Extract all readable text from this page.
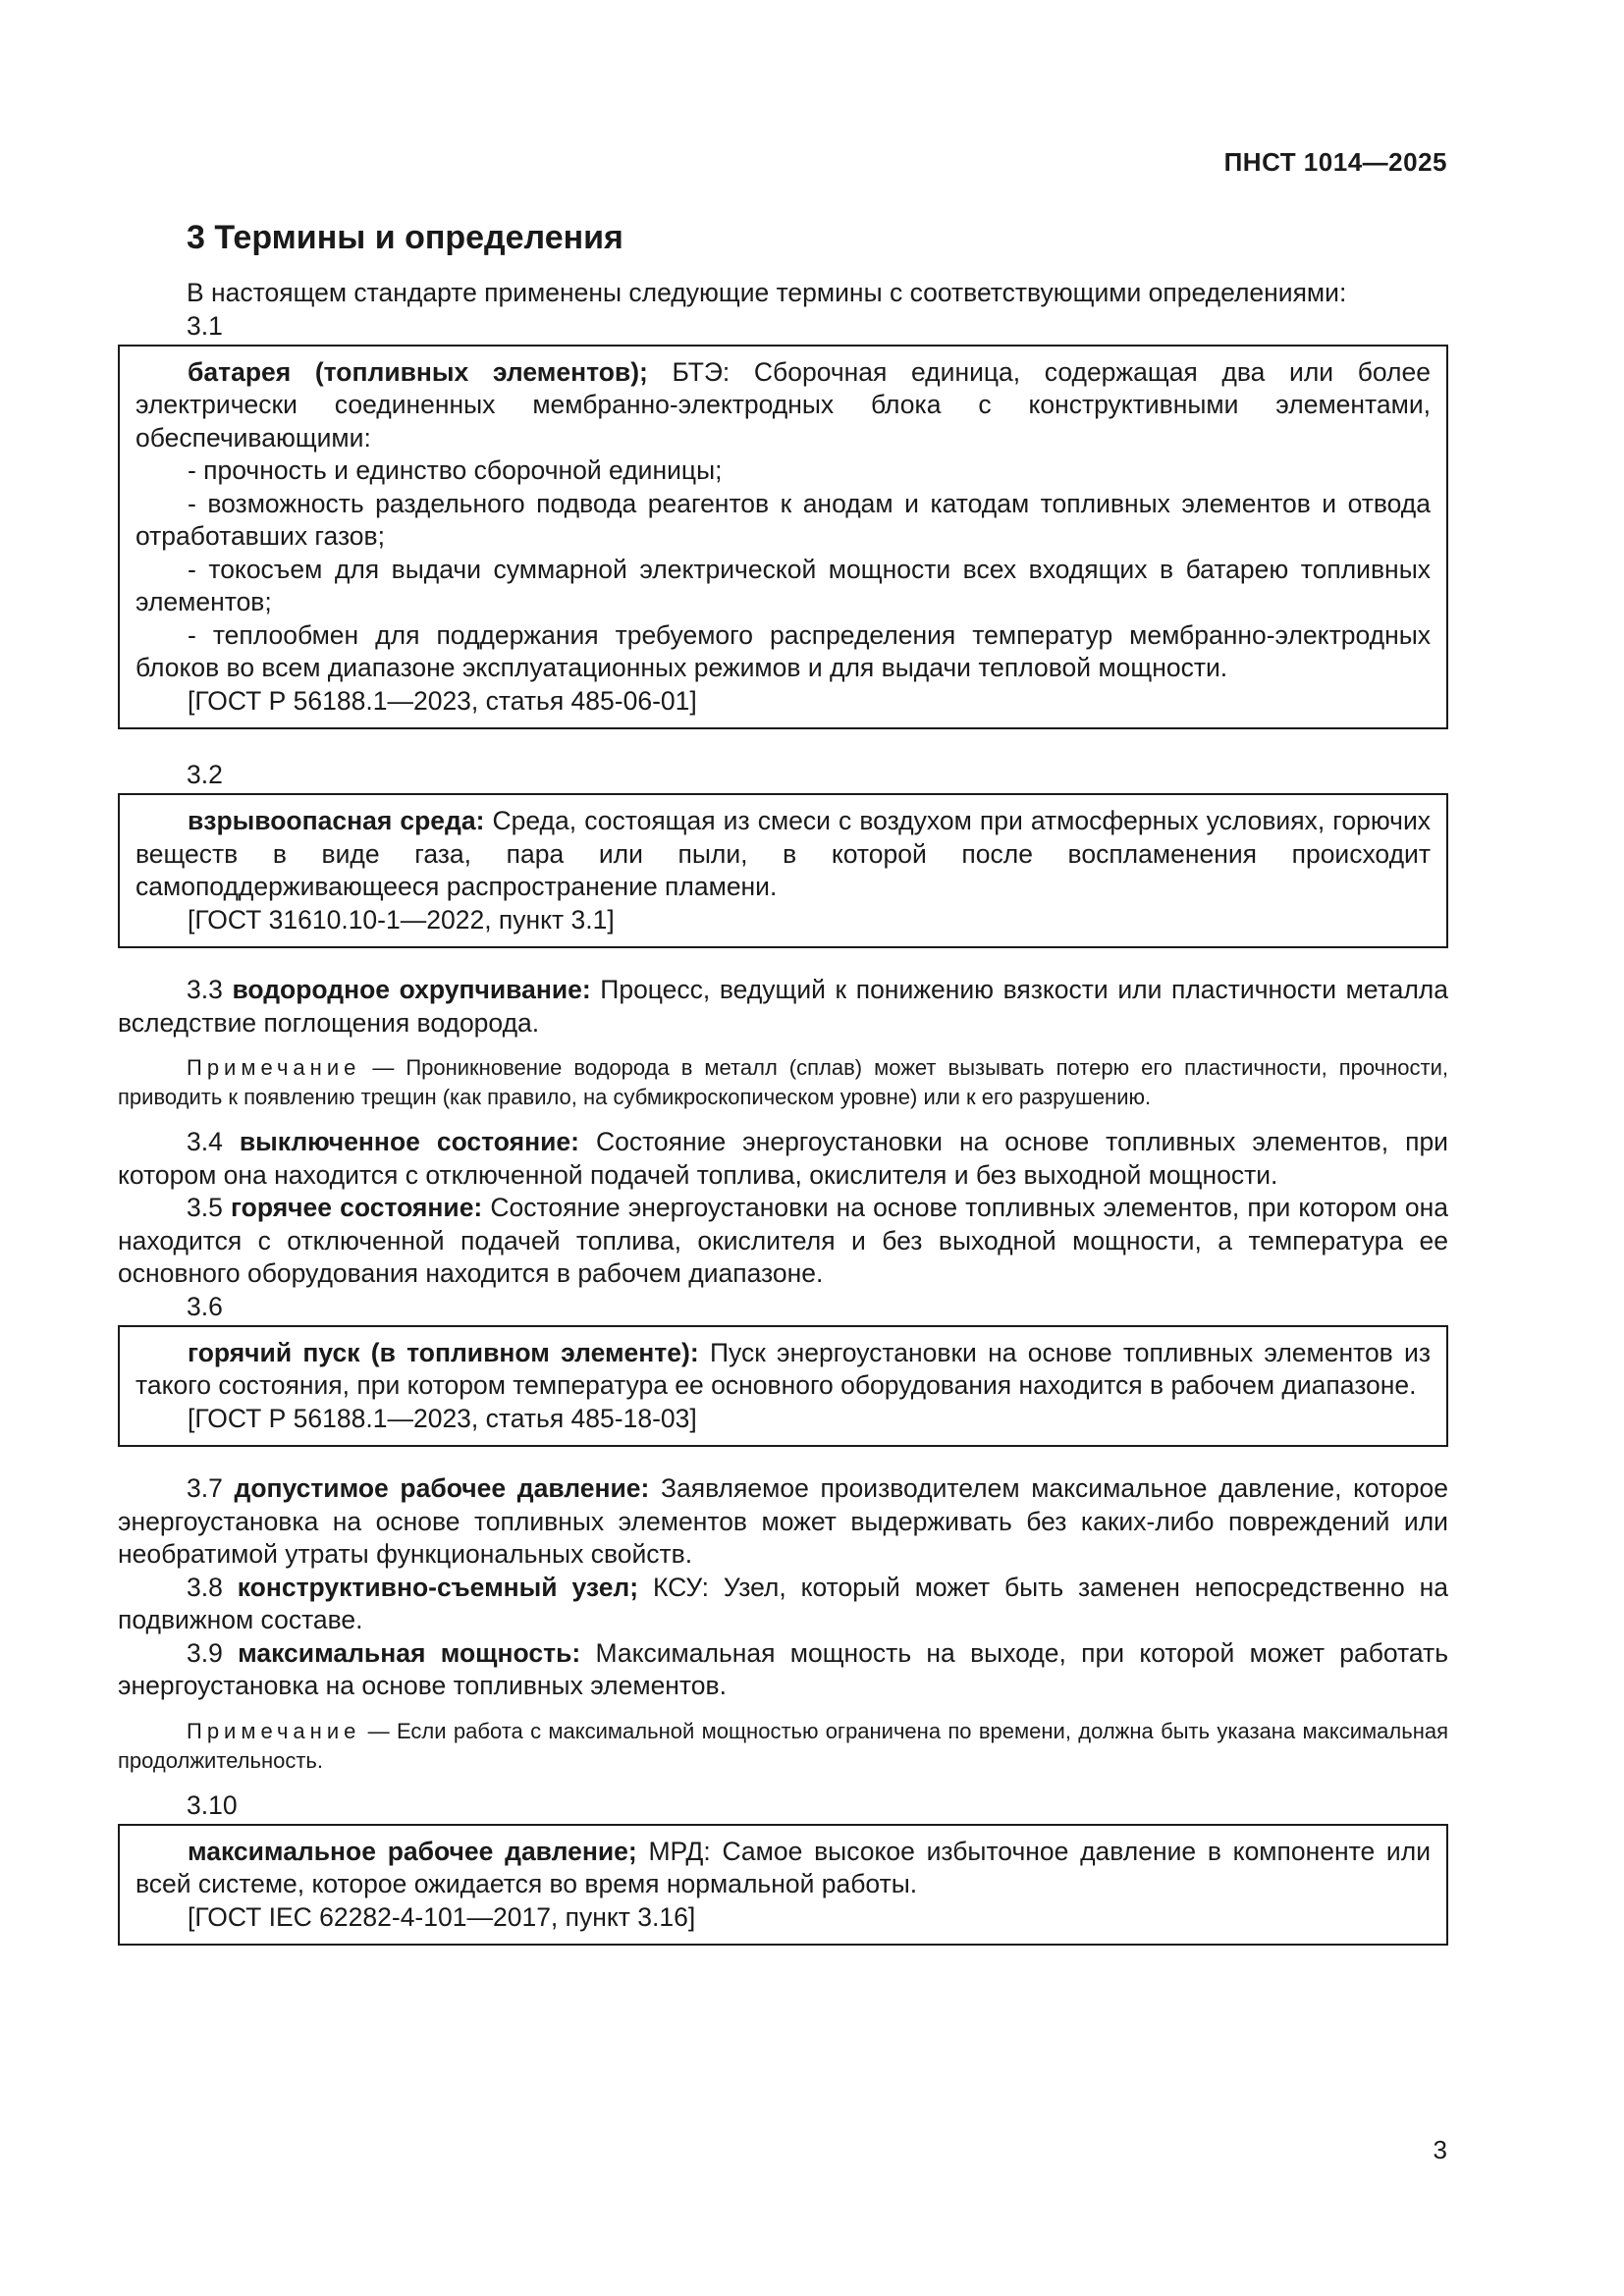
ПНСТ 1014—2025
3 Термины и определения

В настоящем стандарте применены следующие термины с соответствующими определениями:

3.1

батарея (топливных элементов); БТЭ: Сборочная единица, содержащая два или более электрически соединенных мембранно-электродных блока с конструктивными элементами, обеспечивающими:

- прочность и единство сборочной единицы;

- возможность раздельного подвода реагентов к анодам и катодам топливных элементов и отвода отработавших газов;

- токосъем для выдачи суммарной электрической мощности всех входящих в батарею топливных элементов;

- теплообмен для поддержания требуемого распределения температур мембранно-электродных блоков во всем диапазоне эксплуатационных режимов и для выдачи тепловой мощности.

[ГОСТ Р 56188.1—2023, статья 485-06-01]

3.2

взрывоопасная среда: Среда, состоящая из смеси с воздухом при атмосферных условиях, горючих веществ в виде газа, пара или пыли, в которой после воспламенения происходит самоподдерживающееся распространение пламени.

[ГОСТ 31610.10-1—2022, пункт 3.1]

3.3 водородное охрупчивание: Процесс, ведущий к понижению вязкости или пластичности металла вследствие поглощения водорода.

Примечание — Проникновение водорода в металл (сплав) может вызывать потерю его пластичности, прочности, приводить к появлению трещин (как правило, на субмикроскопическом уровне) или к его разрушению.

3.4 выключенное состояние: Состояние энергоустановки на основе топливных элементов, при котором она находится с отключенной подачей топлива, окислителя и без выходной мощности.

3.5 горячее состояние: Состояние энергоустановки на основе топливных элементов, при котором она находится с отключенной подачей топлива, окислителя и без выходной мощности, а температура ее основного оборудования находится в рабочем диапазоне.

3.6

горячий пуск (в топливном элементе): Пуск энергоустановки на основе топливных элементов из такого состояния, при котором температура ее основного оборудования находится в рабочем диапазоне.

[ГОСТ Р 56188.1—2023, статья 485-18-03]

3.7 допустимое рабочее давление: Заявляемое производителем максимальное давление, которое энергоустановка на основе топливных элементов может выдерживать без каких-либо повреждений или необратимой утраты функциональных свойств.

3.8 конструктивно-съемный узел; КСУ: Узел, который может быть заменен непосредственно на подвижном составе.

3.9 максимальная мощность: Максимальная мощность на выходе, при которой может работать энергоустановка на основе топливных элементов.

Примечание — Если работа с максимальной мощностью ограничена по времени, должна быть указана максимальная продолжительность.

3.10

максимальное рабочее давление; МРД: Самое высокое избыточное давление в компоненте или всей системе, которое ожидается во время нормальной работы.

[ГОСТ IEC 62282-4-101—2017, пункт 3.16]

3
